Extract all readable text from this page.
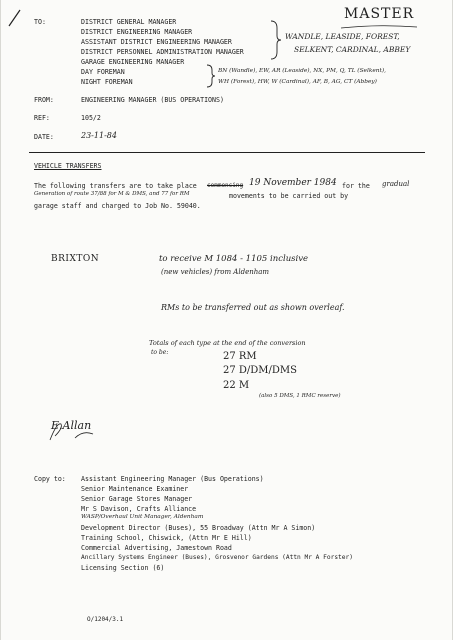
TO:	DISTRICT GENERAL MANAGER
DISTRICT ENGINEERING MANAGER
ASSISTANT DISTRICT ENGINEERING MANAGER
DISTRICT PERSONNEL ADMINISTRATION MANAGER
GARAGE ENGINEERING MANAGER
DAY FOREMAN
NIGHT FOREMAN
MASTER
WANDLE, LEASIDE, FOREST,
SELKENT, CARDINAL, ABBEY
BN (Wandle), EW, AR (Leaside), NX, PM, Q, TL (Selkent),
WH (Forest), HW, W (Cardinal), AF, B, AG, CT (Abbey)
FROM:	ENGINEERING MANAGER (BUS OPERATIONS)
REF:	105/2
DATE:	23-11-84
VEHICLE TRANSFERS
The following transfers are to take place commencing 19 November 1984 for the gradual
Generation of route 37/88 for M & DMS, and 77 for RM	movements to be carried out by
garage staff and charged to Job No. 59040.
BRIXTON	to receive M 1084 - 1105 inclusive
(new vehicles) from Aldenham
RMs to be transferred out as shown overleaf.
Totals of each type at the end of the conversion
to be:	27 RM
27 D/DM/DMS
22 M
(also 5 DMS, 1 RMC reserve)
E.Allan
Copy to: Assistant Engineering Manager (Bus Operations)
Senior Maintenance Examiner
Senior Garage Stores Manager
Mr S Davison, Crafts Alliance
WASP/Overhaul Unit Manager, Aldenham
Development Director (Buses), 55 Broadway (Attn Mr A Simon)
Training School, Chiswick, (Attn Mr E Hill)
Commercial Advertising, Jamestown Road
Ancillary Systems Engineer (Buses), Grosvenor Gardens (Attn Mr A Forster)
Licensing Section (6)
O/1204/3.1
